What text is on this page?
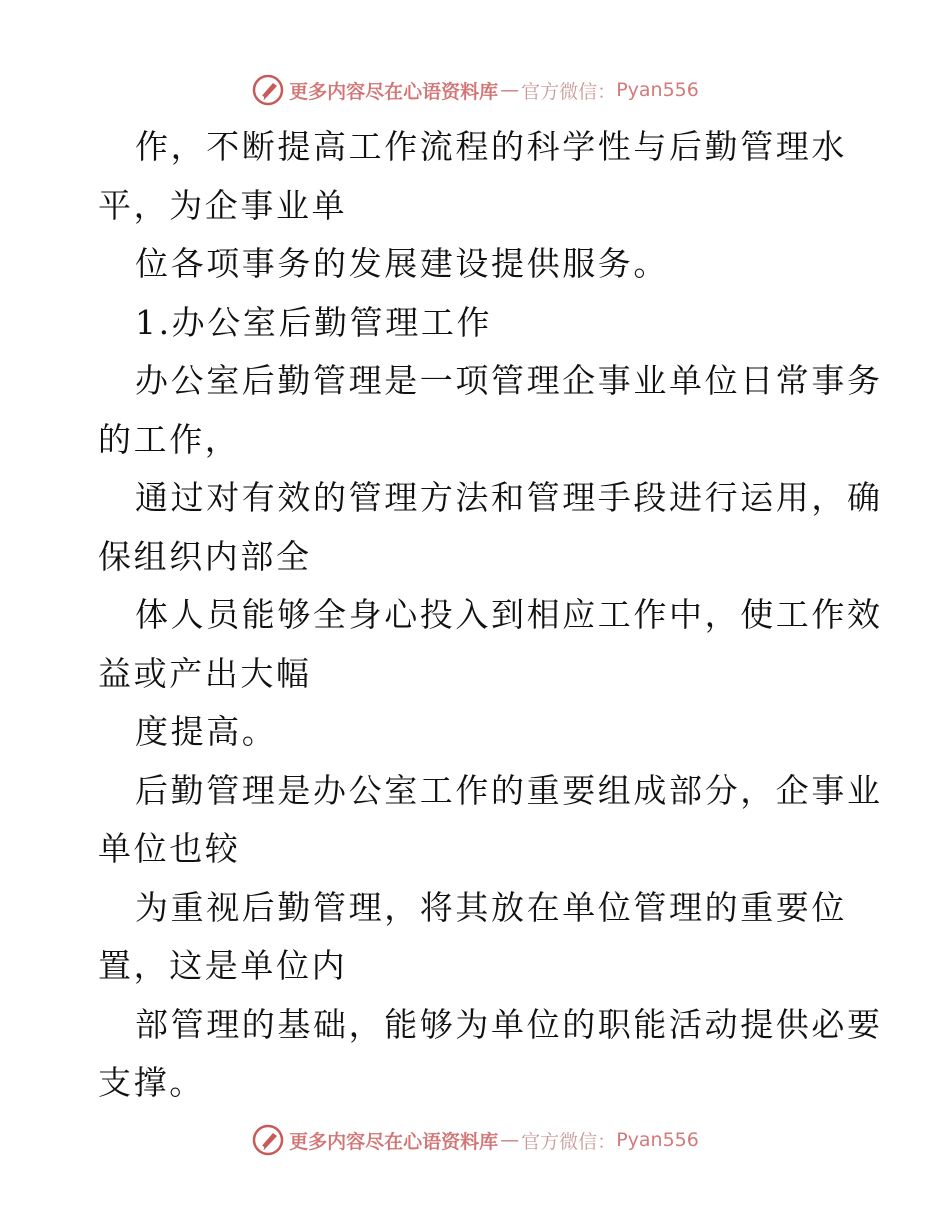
更多内容尽在心语资料库 — 官方微信： Pyan556
作，不断提高工作流程的科学性与后勤管理水
平，为企事业单
位各项事务的发展建设提供服务。
1.办公室后勤管理工作
办公室后勤管理是一项管理企事业单位日常事务
的工作，
通过对有效的管理方法和管理手段进行运用，确
保组织内部全
体人员能够全身心投入到相应工作中，使工作效
益或产出大幅
度提高。
后勤管理是办公室工作的重要组成部分，企事业
单位也较
为重视后勤管理，将其放在单位管理的重要位
置，这是单位内
部管理的基础，能够为单位的职能活动提供必要
支撑。
更多内容尽在心语资料库 — 官方微信： Pyan556
